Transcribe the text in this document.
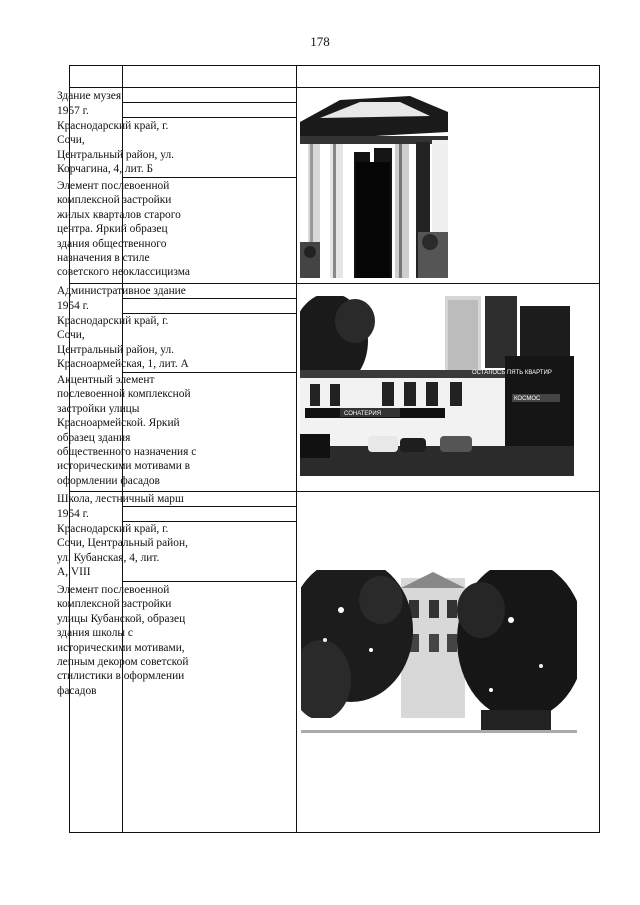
178
Здание музея
1957 г.
Краснодарский край, г.
Сочи,
Центральный район, ул.
Корчагина, 4, лит. Б
Элемент послевоенной
комплексной застройки
жилых кварталов старого
центра. Яркий образец
здания общественного
назначения в стиле
советского неоклассицизма
Административное здание
1954 г.
Краснодарский край, г.
Сочи,
Центральный район, ул.
Красноармейская, 1, лит. А
Акцентный элемент
послевоенной комплексной
застройки улицы
Красноармейской. Яркий
образец здания
общественного назначения с
историческими мотивами в
оформлении фасадов
Школа, лестничный марш
1954 г.
Краснодарский край, г.
Сочи, Центральный район,
ул. Кубанская, 4, лит.
А, VIII
Элемент послевоенной
комплексной застройки
улицы Кубанской, образец
здания школы с
историческими мотивами,
лепным декором советской
стилистики в оформлении
фасадов
ОСТАЛОСЬ ПЯТЬ КВАРТИР
КОСМОС
СОНАТЕРИЯ
